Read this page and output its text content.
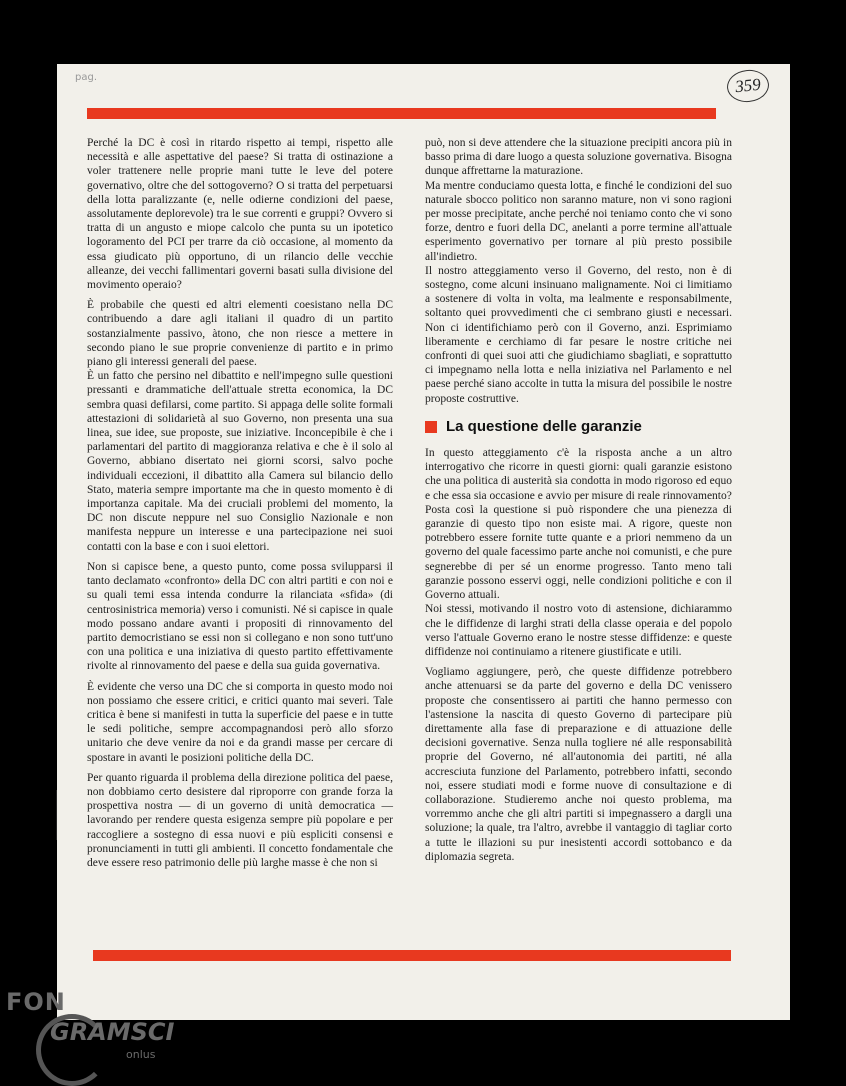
pag.	359

Perché la DC è così in ritardo rispetto ai tempi, rispetto alle necessità e alle aspettative del paese? Si tratta di ostinazione a voler trattenere nelle proprie mani tutte le leve del potere governativo, oltre che del sottogoverno? O si tratta del perpetuarsi della lotta paralizzante (e, nelle odierne condizioni del paese, assolutamente deplorevole) tra le sue correnti e gruppi? Ovvero si tratta di un angusto e miope calcolo che punta su un ipotetico logoramento del PCI per trarre da ciò occasione, al momento da essa giudicato più opportuno, di un rilancio delle vecchie alleanze, dei vecchi fallimentari governi basati sulla divisione del movimento operaio?

È probabile che questi ed altri elementi coesistano nella DC contribuendo a dare agli italiani il quadro di un partito sostanzialmente passivo, àtono, che non riesce a mettere in secondo piano le sue proprie convenienze di partito e in primo piano gli interessi generali del paese.

È un fatto che persino nel dibattito e nell'impegno sulle questioni pressanti e drammatiche dell'attuale stretta economica, la DC sembra quasi defilarsi, come partito. Si appaga delle solite formali attestazioni di solidarietà al suo Governo, non presenta una sua linea, sue idee, sue proposte, sue iniziative. Inconcepibile è che i parlamentari del partito di maggioranza relativa e che è il solo al Governo, abbiano disertato nei giorni scorsi, salvo poche individuali eccezioni, il dibattito alla Camera sul bilancio dello Stato, materia sempre importante ma che in questo momento è di importanza capitale. Ma dei cruciali problemi del momento, la DC non discute neppure nel suo Consiglio Nazionale e non manifesta neppure un interesse e una partecipazione nei suoi contatti con la base e con i suoi elettori.

Non si capisce bene, a questo punto, come possa svilupparsi il tanto declamato «confronto» della DC con altri partiti e con noi e su quali temi essa intenda condurre la rilanciata «sfida» (di centrosinistrica memoria) verso i comunisti. Né si capisce in quale modo possano andare avanti i propositi di rinnovamento del partito democristiano se essi non si collegano e non sono tutt'uno con una politica e una iniziativa di questo partito effettivamente rivolte al rinnovamento del paese e della sua guida governativa.

È evidente che verso una DC che si comporta in questo modo noi non possiamo che essere critici, e critici quanto mai severi. Tale critica è bene si manifesti in tutta la superficie del paese e in tutte le sedi politiche, sempre accompagnandosi però allo sforzo unitario che deve venire da noi e da grandi masse per cercare di spostare in avanti le posizioni politiche della DC.

Per quanto riguarda il problema della direzione politica del paese, non dobbiamo certo desistere dal riproporre con grande forza la prospettiva nostra — di un governo di unità democratica — lavorando per rendere questa esigenza sempre più popolare e per raccogliere a sostegno di essa nuovi e più espliciti consensi e pronunciamenti in tutti gli ambienti. Il concetto fondamentale che deve essere reso patrimonio delle più larghe masse è che non si

può, non si deve attendere che la situazione precipiti ancora più in basso prima di dare luogo a questa soluzione governativa. Bisogna dunque affrettarne la maturazione.

Ma mentre conduciamo questa lotta, e finché le condizioni del suo naturale sbocco politico non saranno mature, non vi sono ragioni per mosse precipitate, anche perché noi teniamo conto che vi sono forze, dentro e fuori della DC, anelanti a porre termine all'attuale esperimento governativo per tornare al più presto possibile all'indietro.

Il nostro atteggiamento verso il Governo, del resto, non è di sostegno, come alcuni insinuano malignamente. Noi ci limitiamo a sostenere di volta in volta, ma lealmente e responsabilmente, soltanto quei provvedimenti che ci sembrano giusti e necessari. Non ci identifichiamo però con il Governo, anzi. Esprimiamo liberamente e cerchiamo di far pesare le nostre critiche nei confronti di quei suoi atti che giudichiamo sbagliati, e soprattutto ci impegnamo nella lotta e nella iniziativa nel Parlamento e nel paese perché siano accolte in tutta la misura del possibile le nostre proposte costruttive.

La questione delle garanzie

In questo atteggiamento c'è la risposta anche a un altro interrogativo che ricorre in questi giorni: quali garanzie esistono che una politica di austerità sia condotta in modo rigoroso ed equo e che essa sia occasione e avvio per misure di reale rinnovamento?

Posta così la questione si può rispondere che una pienezza di garanzie di questo tipo non esiste mai. A rigore, queste non potrebbero essere fornite tutte quante e a priori nemmeno da un governo del quale facessimo parte anche noi comunisti, e che pure segnerebbe di per sé un enorme progresso. Tanto meno tali garanzie possono esservi oggi, nelle condizioni politiche e con il Governo attuali.

Noi stessi, motivando il nostro voto di astensione, dichiarammo che le diffidenze di larghi strati della classe operaia e del popolo verso l'attuale Governo erano le nostre stesse diffidenze: e queste diffidenze noi continuiamo a ritenere giustificate e utili.

Vogliamo aggiungere, però, che queste diffidenze potrebbero anche attenuarsi se da parte del governo e della DC venissero proposte che consentissero ai partiti che hanno permesso con l'astensione la nascita di questo Governo di partecipare più direttamente alla fase di preparazione e di attuazione delle decisioni governative. Senza nulla togliere né alle responsabilità proprie del Governo, né all'autonomia dei partiti, né alla accresciuta funzione del Parlamento, potrebbero infatti, secondo noi, essere studiati modi e forme nuove di consultazione e di collaborazione. Studieremo anche noi questo problema, ma vorremmo anche che gli altri partiti si impegnassero a dargli una soluzione; la quale, tra l'altro, avrebbe il vantaggio di tagliar corto a tutte le illazioni su pur inesistenti accordi sottobanco e da diplomazia segreta.

FON
GRAMSCI
onlus
